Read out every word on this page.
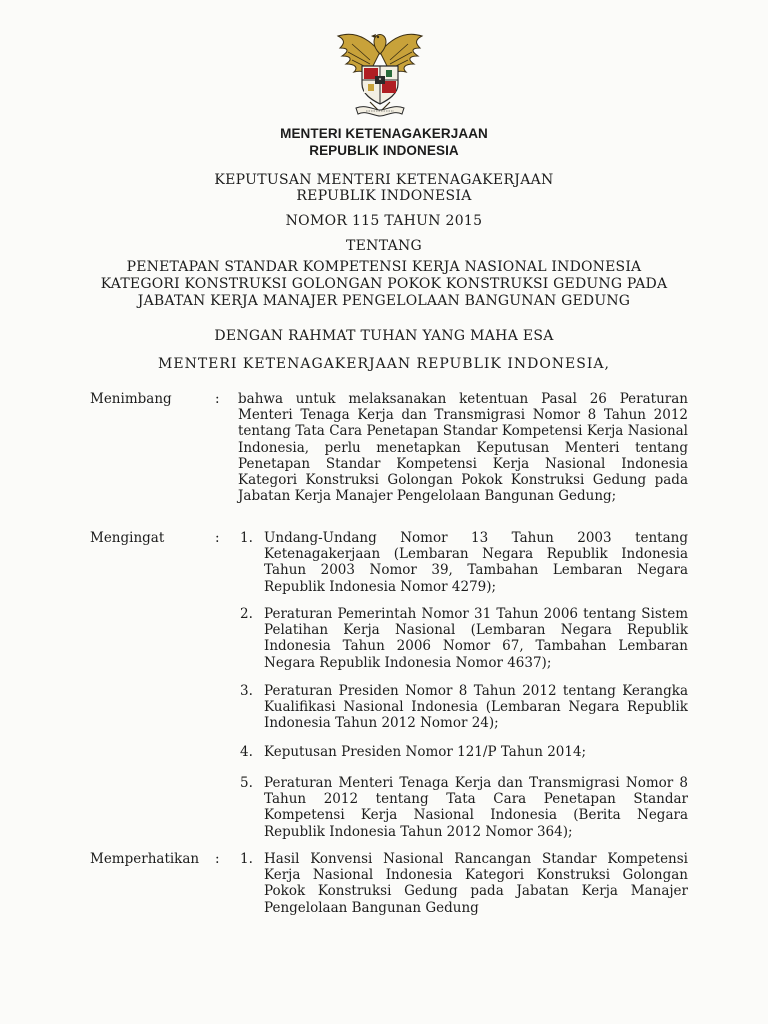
MENTERI KETENAGAKERJAAN

REPUBLIK INDONESIA

KEPUTUSAN MENTERI KETENAGAKERJAAN

REPUBLIK INDONESIA

NOMOR 115 TAHUN 2015

TENTANG

PENETAPAN STANDAR KOMPETENSI KERJA NASIONAL INDONESIA
KATEGORI KONSTRUKSI GOLONGAN POKOK KONSTRUKSI GEDUNG PADA
JABATAN KERJA MANAJER PENGELOLAAN BANGUNAN GEDUNG

DENGAN RAHMAT TUHAN YANG MAHA ESA

MENTERI KETENAGAKERJAAN REPUBLIK INDONESIA,

Menimbang	: bahwa untuk melaksanakan ketentuan Pasal 26 Peraturan Menteri Tenaga Kerja dan Transmigrasi Nomor 8 Tahun 2012 tentang Tata Cara Penetapan Standar Kompetensi Kerja Nasional Indonesia, perlu menetapkan Keputusan Menteri tentang Penetapan Standar Kompetensi Kerja Nasional Indonesia Kategori Konstruksi Golongan Pokok Konstruksi Gedung pada Jabatan Kerja Manajer Pengelolaan Bangunan Gedung;

Mengingat	: 1. Undang-Undang Nomor 13 Tahun 2003 tentang Ketenagakerjaan (Lembaran Negara Republik Indonesia Tahun 2003 Nomor 39, Tambahan Lembaran Negara Republik Indonesia Nomor 4279);

2. Peraturan Pemerintah Nomor 31 Tahun 2006 tentang Sistem Pelatihan Kerja Nasional (Lembaran Negara Republik Indonesia Tahun 2006 Nomor 67, Tambahan Lembaran Negara Republik Indonesia Nomor 4637);

3. Peraturan Presiden Nomor 8 Tahun 2012 tentang Kerangka Kualifikasi Nasional Indonesia (Lembaran Negara Republik Indonesia Tahun 2012 Nomor 24);

4. Keputusan Presiden Nomor 121/P Tahun 2014;

5. Peraturan Menteri Tenaga Kerja dan Transmigrasi Nomor 8 Tahun 2012 tentang Tata Cara Penetapan Standar Kompetensi Kerja Nasional Indonesia (Berita Negara Republik Indonesia Tahun 2012 Nomor 364);

Memperhatikan : 1. Hasil Konvensi Nasional Rancangan Standar Kompetensi Kerja Nasional Indonesia Kategori Konstruksi Golongan Pokok Konstruksi Gedung pada Jabatan Kerja Manajer Pengelolaan Bangunan Gedung
